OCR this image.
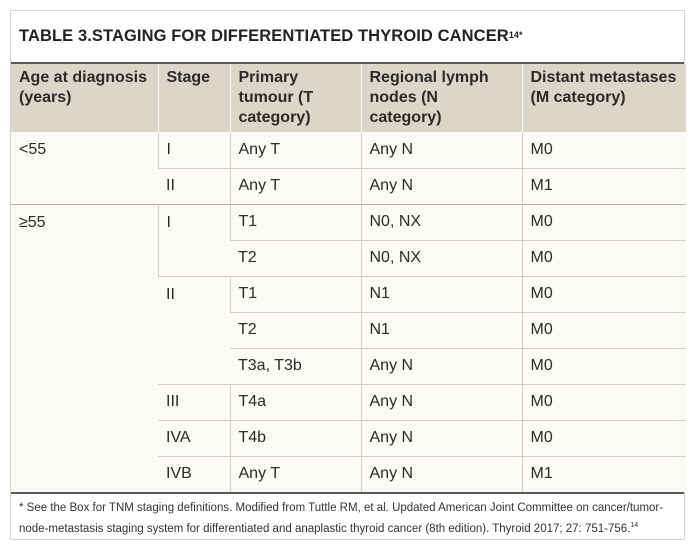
TABLE 3. STAGING FOR DIFFERENTIATED THYROID $CANCER^{14*}$
Age at diagnosis (years)	Stage	Primary tumour (T category)	Regional lymph nodes (N category)	Distant metastases (M category)
<55	I	Any T	Any N	M0
	II	Any T	Any N	M1
≥55	I	T1	N0, NX	M0
		T2	N0, NX	M0
	II	T1	N1	M0
		T2	N1	M0
		T3a, T3b	Any N	M0
	III	T4a	Any N	M0
	IVA	T4b	Any N	M0
	IVB	Any T	Any N	M1
* See the Box for TNM staging definitions. Modified from Tuttle RM, et al. Updated American Joint Committee on cancer/tumor-node-metastasis staging system for differentiated and anaplastic thyroid cancer (8th edition). Thyroid 2017; 27: 751-756.14
